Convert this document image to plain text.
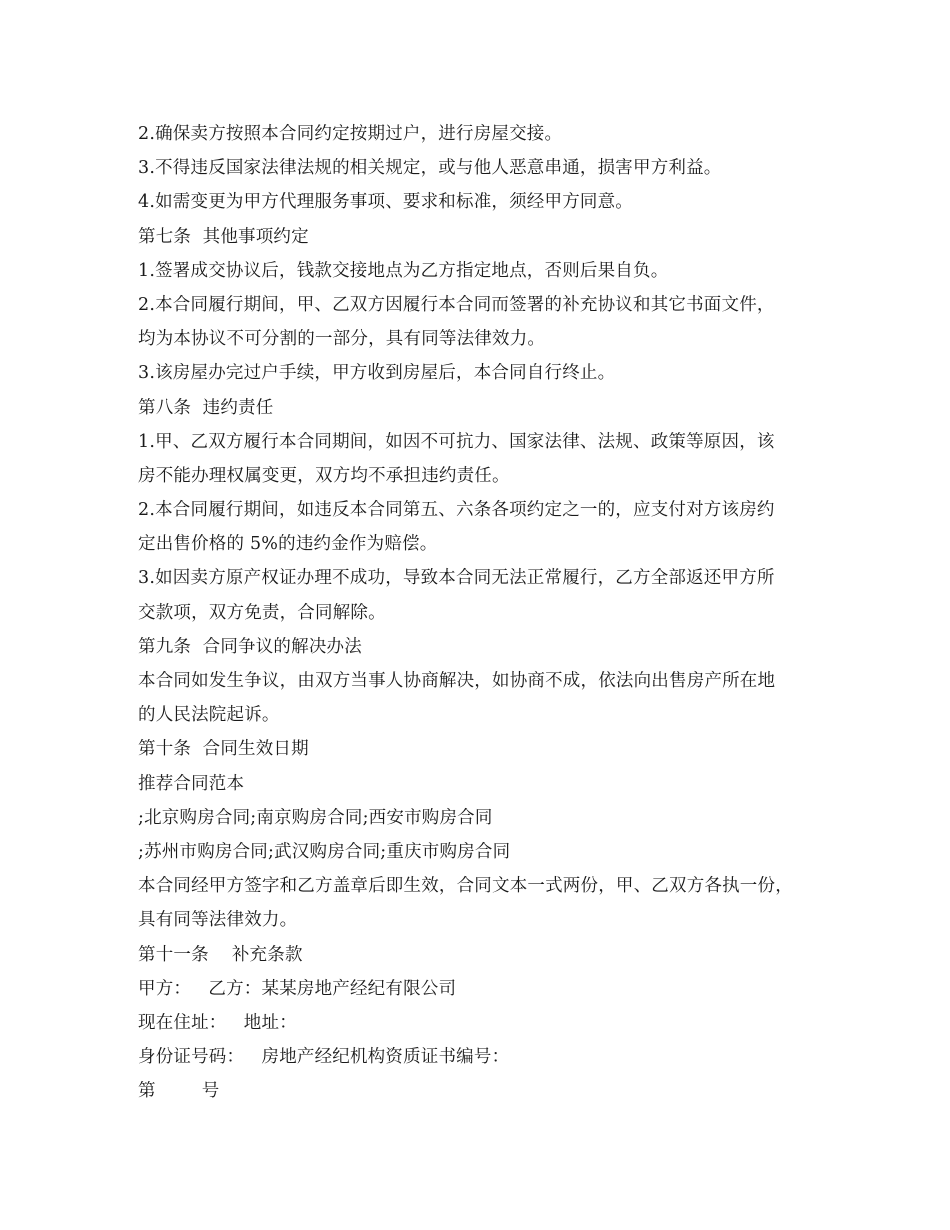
2.确保卖方按照本合同约定按期过户，进行房屋交接。
3.不得违反国家法律法规的相关规定，或与他人恶意串通，损害甲方利益。
4.如需变更为甲方代理服务事项、要求和标准，须经甲方同意。
第七条  其他事项约定
1.签署成交协议后，钱款交接地点为乙方指定地点，否则后果自负。
2.本合同履行期间，甲、乙双方因履行本合同而签署的补充协议和其它书面文件，
均为本协议不可分割的一部分，具有同等法律效力。
3.该房屋办完过户手续，甲方收到房屋后，本合同自行终止。
第八条  违约责任
1.甲、乙双方履行本合同期间，如因不可抗力、国家法律、法规、政策等原因，该
房不能办理权属变更，双方均不承担违约责任。
2.本合同履行期间，如违反本合同第五、六条各项约定之一的，应支付对方该房约
定出售价格的 5%的违约金作为赔偿。
3.如因卖方原产权证办理不成功，导致本合同无法正常履行，乙方全部返还甲方所
交款项，双方免责，合同解除。
第九条  合同争议的解决办法
本合同如发生争议，由双方当事人协商解决，如协商不成，依法向出售房产所在地
的人民法院起诉。
第十条  合同生效日期
推荐合同范本
;北京购房合同;南京购房合同;西安市购房合同
;苏州市购房合同;武汉购房合同;重庆市购房合同
本合同经甲方签字和乙方盖章后即生效，合同文本一式两份，甲、乙双方各执一份，
具有同等法律效力。
第十一条    补充条款
甲方：   乙方：某某房地产经纪有限公司
现在住址：   地址：
身份证号码：   房地产经纪机构资质证书编号：
第        号
